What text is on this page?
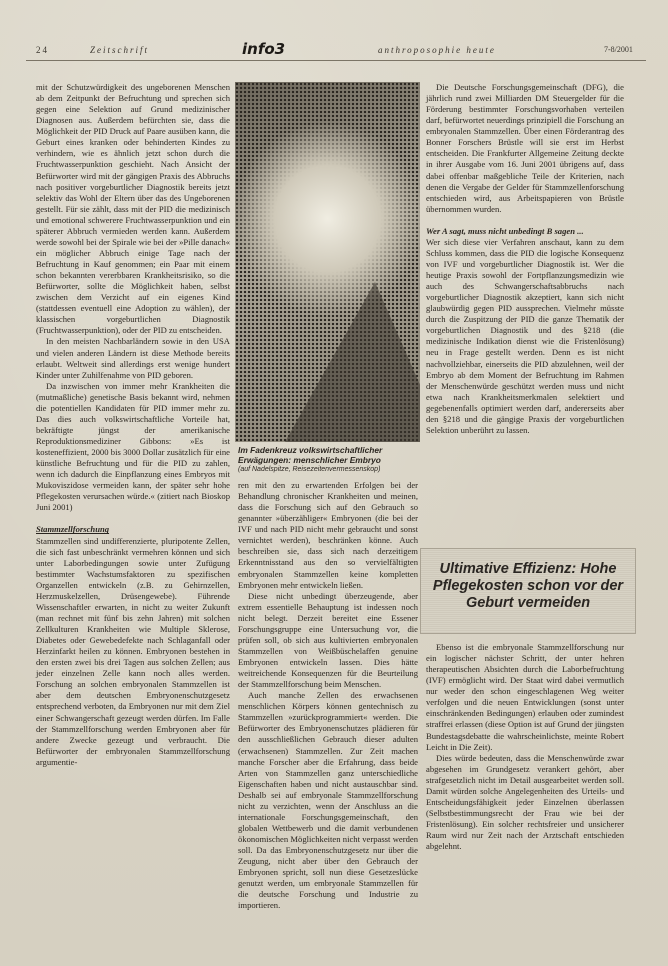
24	Zeitschrift	info3	anthroposophie heute	7-8/2001

mit der Schutzwürdigkeit des ungeborenen Menschen ab dem Zeitpunkt der Befruchtung und sprechen sich gegen eine Selektion auf Grund medizinischer Diagnosen aus. Außerdem befürchten sie, dass die Möglichkeit der PID Druck auf Paare ausüben kann, die Geburt eines kranken oder behinderten Kindes zu verhindern, wie es ähnlich jetzt schon durch die Fruchtwasserpunktion geschieht. Nach Ansicht der Befürworter wird mit der gängigen Praxis des Abbruchs nach positiver vorgeburtlicher Diagnostik bereits jetzt selektiv das Wohl der Eltern über das des Ungeborenen gestellt. Für sie zählt, dass mit der PID die medizinisch und emotional schwerere Fruchtwasserpunktion und ein späterer Abbruch vermieden werden kann. Außerdem werde sowohl bei der Spirale wie bei der »Pille danach« ein möglicher Abbruch einige Tage nach der Befruchtung in Kauf genommen; ein Paar mit einem schon bekannten vererbbaren Krankheitsrisiko, so die Befürworter, sollte die Möglichkeit haben, selbst zwischen dem Verzicht auf ein eigenes Kind (stattdessen eventuell eine Adoption zu wählen), der klassischen vorgeburtlichen Diagnostik (Fruchtwasserpunktion), oder der PID zu entscheiden.

In den meisten Nachbarländern sowie in den USA und vielen anderen Ländern ist diese Methode bereits erlaubt. Weltweit sind allerdings erst wenige hundert Kinder unter Zuhilfenahme von PID geboren.

Da inzwischen von immer mehr Krankheiten die (mutmaßliche) genetische Basis bekannt wird, nehmen die potentiellen Kandidaten für PID immer mehr zu. Das dies auch volkswirtschaftliche Vorteile hat, bekräftigte jüngst der amerikanische Reproduktionsmediziner Gibbons: »Es ist kosteneffizient, 2000 bis 3000 Dollar zusätzlich für eine künstliche Befruchtung und für die PID zu zahlen, wenn ich dadurch die Einpflanzung eines Embryos mit Mukoviszidose vermeiden kann, der später sehr hohe Pflegekosten verursachen würde.« (zitiert nach Bioskop Juni 2001)

Stammzellforschung

Stammzellen sind undifferenzierte, pluripotente Zellen, die sich fast unbeschränkt vermehren können und sich unter Laborbedingungen sowie unter Zufügung bestimmter Wachstumsfaktoren zu spezifischen Organzellen entwickeln (z.B. zu Gehirnzellen, Herzmuskelzellen, Drüsengewebe). Führende Wissenschaftler erwarten, in nicht zu weiter Zukunft (man rechnet mit fünf bis zehn Jahren) mit solchen Zellkulturen Krankheiten wie Multiple Sklerose, Diabetes oder Gewebedefekte nach Schlaganfall oder Herzinfarkt heilen zu können. Embryonen bestehen in den ersten zwei bis drei Tagen aus solchen Zellen; aus jeder einzelnen Zelle kann noch alles werden. Forschung an solchen embryonalen Stammzellen ist aber dem deutschen Embryonenschutzgesetz entsprechend verboten, da Embryonen nur mit dem Ziel einer Schwangerschaft gezeugt werden dürfen. Im Falle der Stammzellforschung werden Embryonen aber für andere Zwecke gezeugt und verbraucht. Die Befürworter der embryonalen Stammzellforschung argumentie-

Im Fadenkreuz volkswirtschaftlicher Erwägungen: menschlicher Embryo
(auf Nadelspitze, Reisezeitenvermessenskop)

ren mit den zu erwartenden Erfolgen bei der Behandlung chronischer Krankheiten und meinen, dass die Forschung sich auf den Gebrauch so genannter »überzähliger« Embryonen (die bei der IVF und nach PID nicht mehr gebraucht und sonst vernichtet werden), beschränken könne. Auch beschreiben sie, dass sich nach derzeitigem Erkenntnisstand aus den so vervielfältigten embryonalen Stammzellen keine kompletten Embryonen mehr entwickeln ließen.

Diese nicht unbedingt überzeugende, aber extrem essentielle Behauptung ist indessen noch nicht belegt. Derzeit bereitet eine Essener Forschungsgruppe eine Untersuchung vor, die prüfen soll, ob sich aus kultivierten embryonalen Stammzellen von Weißbüschelaffen genuine Embryonen entwickeln lassen. Dies hätte weitreichende Konsequenzen für die Beurteilung der Stammzellforschung beim Menschen.

Auch manche Zellen des erwachsenen menschlichen Körpers können gentechnisch zu Stammzellen »zurückprogrammiert« werden. Die Befürworter des Embryonenschutzes plädieren für den ausschließlichen Gebrauch dieser adulten (erwachsenen) Stammzellen. Zur Zeit machen manche Forscher aber die Erfahrung, dass beide Arten von Stammzellen ganz unterschiedliche Eigenschaften haben und nicht austauschbar sind. Deshalb sei auf embryonale Stammzellforschung nicht zu verzichten, wenn der Anschluss an die internationale Forschungsgemeinschaft, den globalen Wettbewerb und die damit verbundenen ökonomischen Möglichkeiten nicht verpasst werden soll. Da das Embryonenschutzgesetz nur über die Zeugung, nicht aber über den Gebrauch der Embryonen spricht, soll nun diese Gesetzeslücke genutzt werden, um embryonale Stammzellen für die deutsche Forschung und Industrie zu importieren.

Die Deutsche Forschungsgemeinschaft (DFG), die jährlich rund zwei Milliarden DM Steuergelder für die Förderung bestimmter Forschungsvorhaben verteilen darf, befürwortet neuerdings prinzipiell die Forschung an embryonalen Stammzellen. Über einen Förderantrag des Bonner Forschers Brüstle will sie erst im Herbst entscheiden. Die Frankfurter Allgemeine Zeitung deckte in ihrer Ausgabe vom 16. Juni 2001 übrigens auf, dass dabei offenbar maßgebliche Teile der Kriterien, nach denen die Vergabe der Gelder für Stammzellenforschung entschieden wird, aus Arbeitspapieren von Brüstle übernommen wurden.

Wer A sagt, muss nicht unbedingt B sagen ...

Wer sich diese vier Verfahren anschaut, kann zu dem Schluss kommen, dass die PID die logische Konsequenz von IVF und vorgeburtlicher Diagnostik ist. Wer die heutige Praxis sowohl der Fortpflanzungsmedizin wie auch des Schwangerschaftsabbruchs nach vorgeburtlicher Diagnostik akzeptiert, kann sich nicht glaubwürdig gegen PID aussprechen. Vielmehr müsste durch die Zuspitzung der PID die ganze Thematik der vorgeburtlichen Diagnostik und des §218 (die medizinische Indikation dienst wie die Fristenlösung) neu in Frage gestellt werden. Denn es ist nicht nachvollziehbar, einerseits die PID abzulehnen, weil der Embryo ab dem Moment der Befruchtung im Rahmen der Menschenwürde geschützt werden muss und nicht etwa nach Krankheitsmerkmalen selektiert und gegebenenfalls optimiert werden darf, andererseits aber den §218 und die gängige Praxis der vorgeburtlichen Selektion unberührt zu lassen.

Ultimative Effizienz: Hohe Pflegekosten schon vor der Geburt vermeiden

Ebenso ist die embryonale Stammzellforschung nur ein logischer nächster Schritt, der unter hehren therapeutischen Absichten durch die Laborbefruchtung (IVF) ermöglicht wird. Der Staat wird dabei vermutlich nur weder den schon eingeschlagenen Weg weiter verfolgen und die neuen Entwicklungen (sonst unter einschränkenden Bedingungen) erlauben oder zumindest straffrei erlassen (diese Option ist auf Grund der jüngsten Bundestagsdebatte die wahrscheinlichste, meinte Robert Leicht in Die Zeit).

Dies würde bedeuten, dass die Menschenwürde zwar abgesehen im Grundgesetz verankert gehört, aber strafgesetzlich nicht im Detail ausgearbeitet werden soll. Damit würden solche Angelegenheiten des Urteils- und Entscheidungsfähigkeit jeder Einzelnen überlassen (Selbstbestimmungsrecht der Frau wie bei der Fristenlösung). Ein solcher rechtsfreier und unsicherer Raum wird nur Zeit nach der Arztschaft entschieden abgelehnt.
